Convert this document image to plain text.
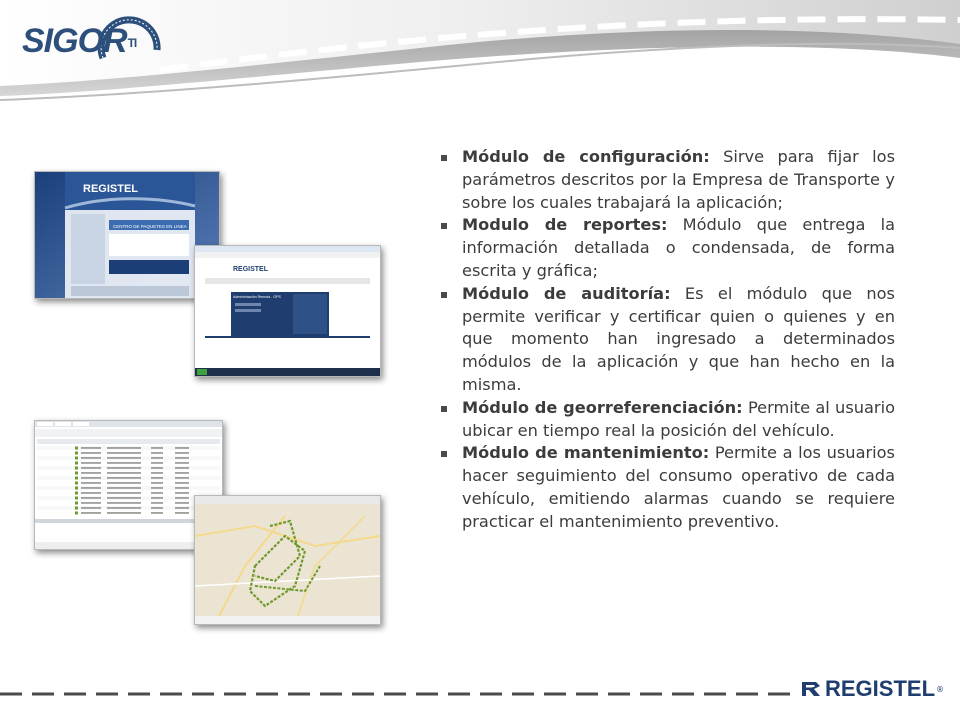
SIGORTI
REGISTEL
CENTRO DE PAQUETES EN LINEA
REGISTEL
Administración Remota - GPS
Módulo de configuración: Sirve para fijar los parámetros descritos por la Empresa de Transporte y sobre los cuales trabajará la aplicación;
Modulo de reportes: Módulo que entrega la información detallada o condensada, de forma escrita y gráfica;
Módulo de auditoría: Es el módulo que nos permite verificar y certificar quien o quienes y en que momento han ingresado a determinados módulos de la aplicación y que han hecho en la misma.
Módulo de georreferenciación: Permite al usuario ubicar en tiempo real la posición del vehículo.
Módulo de mantenimiento: Permite a los usuarios hacer seguimiento del consumo operativo de cada vehículo, emitiendo alarmas cuando se requiere practicar el mantenimiento preventivo.
REGISTEL ®
